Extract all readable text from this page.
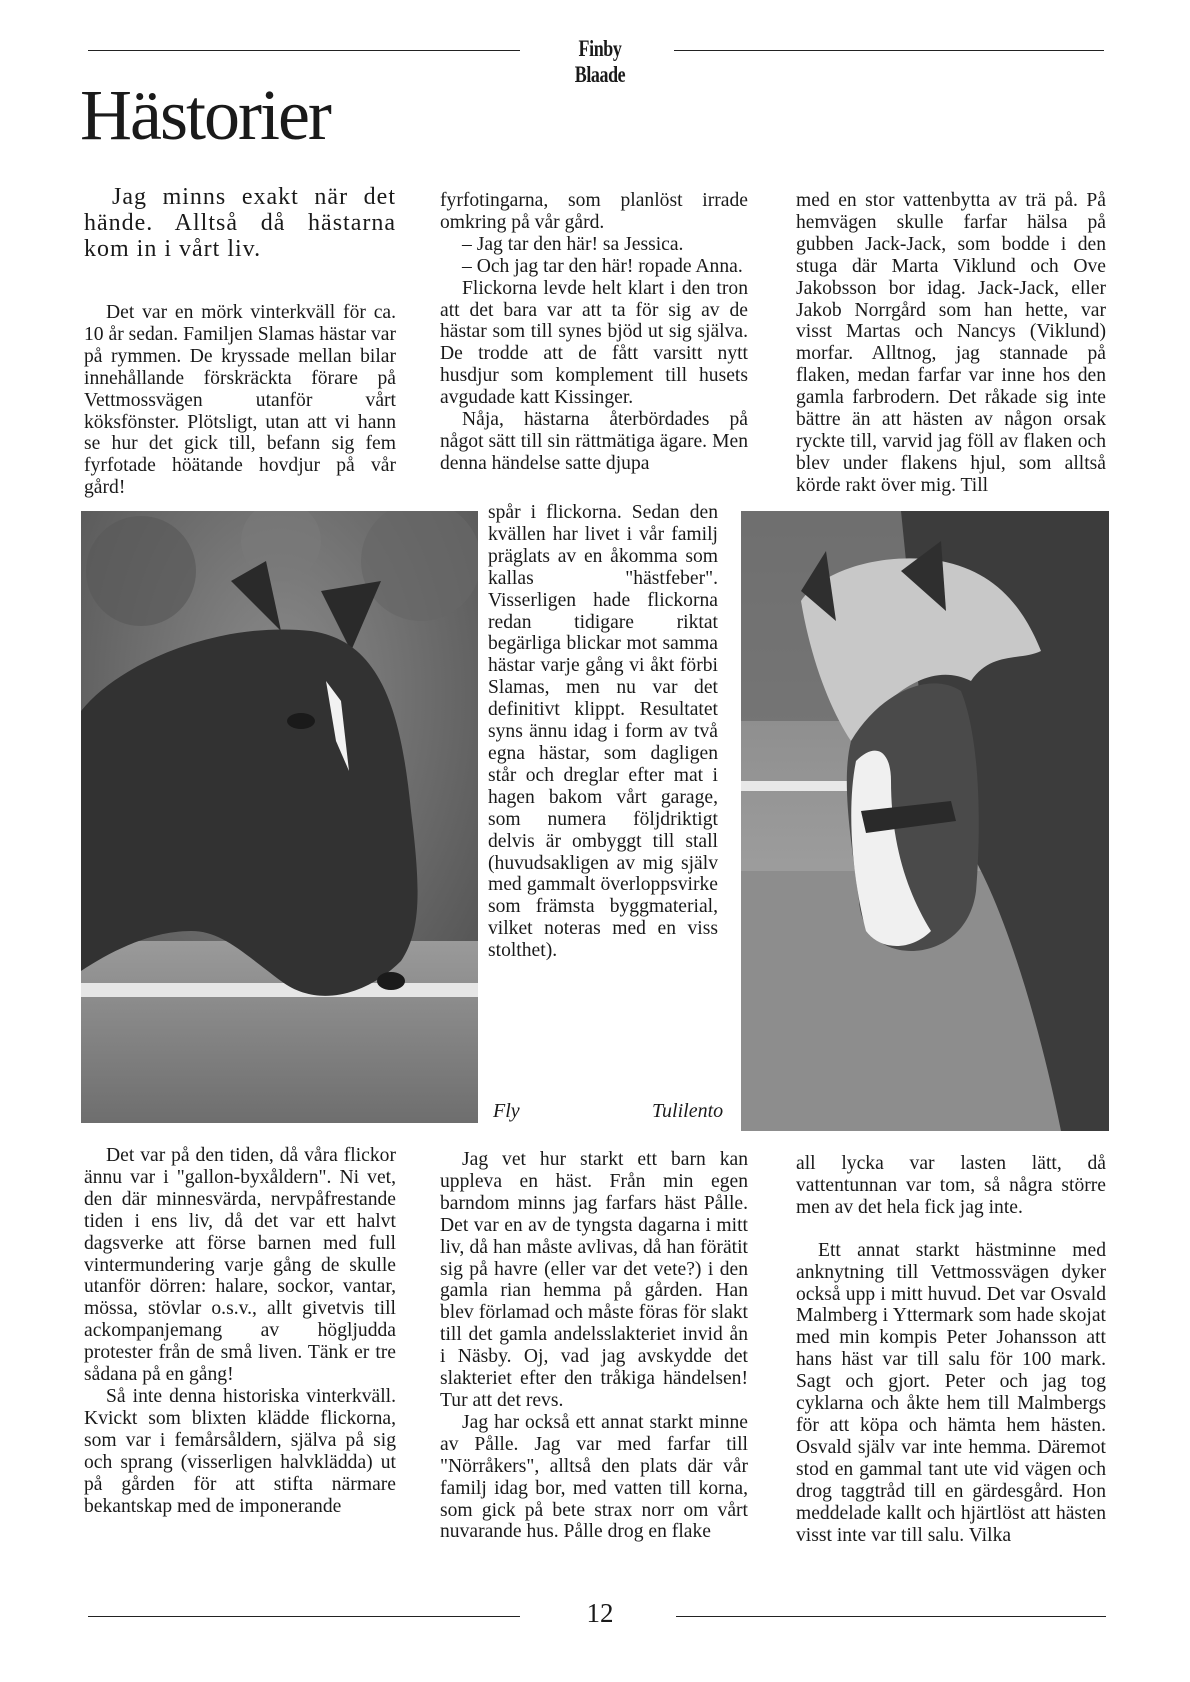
Finby Blaade
Hästorier
Jag minns exakt när det hände. Alltså då hästarna kom in i vårt liv.

Det var en mörk vinterkväll för ca. 10 år sedan. Familjen Slamas hästar var på rymmen. De kryssade mellan bilar innehållande förskräckta förare på Vettmossvägen utanför vårt köksfönster. Plötsligt, utan att vi hann se hur det gick till, befann sig fem fyrfotade höätande hovdjur på vår gård!

fyrfotingarna, som planlöst irrade omkring på vår gård.

– Jag tar den här! sa Jessica.

– Och jag tar den här! ropade Anna.

Flickorna levde helt klart i den tron att det bara var att ta för sig av de hästar som till synes bjöd ut sig själva. De trodde att de fått varsitt nytt husdjur som komplement till husets avgudade katt Kissinger.

Nåja, hästarna återbördades på något sätt till sin rättmätiga ägare. Men denna händelse satte djupa

spår i flickorna. Sedan den kvällen har livet i vår familj präglats av en åkomma som kallas "hästfeber". Visserligen hade flickorna redan tidigare riktat begärliga blickar mot samma hästar varje gång vi åkt förbi Slamas, men nu var det definitivt klippt. Resultatet syns ännu idag i form av två egna hästar, som dagligen står och dreglar efter mat i hagen bakom vårt garage, som numera följdriktigt delvis är ombyggt till stall (huvudsakligen av mig själv med gammalt överloppsvirke som främsta byggmaterial, vilket noteras med en viss stolthet).

med en stor vattenbytta av trä på. På hemvägen skulle farfar hälsa på gubben Jack-Jack, som bodde i den stuga där Marta Viklund och Ove Jakobsson bor idag. Jack-Jack, eller Jakob Norrgård som han hette, var visst Martas och Nancys (Viklund) morfar. Alltnog, jag stannade på flaken, medan farfar var inne hos den gamla farbrodern. Det råkade sig inte bättre än att hästen av någon orsak ryckte till, varvid jag föll av flaken och blev under flakens hjul, som alltså körde rakt över mig. Till

Fly	Tulilento

Det var på den tiden, då våra flickor ännu var i "gallon-byxåldern". Ni vet, den där minnesvärda, nervpåfrestande tiden i ens liv, då det var ett halvt dagsverke att förse barnen med full vintermundering varje gång de skulle utanför dörren: halare, sockor, vantar, mössa, stövlar o.s.v., allt givetvis till ackompanjemang av högljudda protester från de små liven. Tänk er tre sådana på en gång!

Så inte denna historiska vinterkväll. Kvickt som blixten klädde flickorna, som var i femårsåldern, själva på sig och sprang (visserligen halvklädda) ut på gården för att stifta närmare bekantskap med de imponerande

Jag vet hur starkt ett barn kan uppleva en häst. Från min egen barndom minns jag farfars häst Pålle. Det var en av de tyngsta dagarna i mitt liv, då han måste avlivas, då han förätit sig på havre (eller var det vete?) i den gamla rian hemma på gården. Han blev förlamad och måste föras för slakt till det gamla andelsslakteriet invid ån i Näsby. Oj, vad jag avskydde det slakteriet efter den tråkiga händelsen! Tur att det revs.

Jag har också ett annat starkt minne av Pålle. Jag var med farfar till "Nörråkers", alltså den plats där vår familj idag bor, med vatten till korna, som gick på bete strax norr om vårt nuvarande hus. Pålle drog en flake

all lycka var lasten lätt, då vattentunnan var tom, så några större men av det hela fick jag inte.

Ett annat starkt hästminne med anknytning till Vettmossvägen dyker också upp i mitt huvud. Det var Osvald Malmberg i Yttermark som hade skojat med min kompis Peter Johansson att hans häst var till salu för 100 mark. Sagt och gjort. Peter och jag tog cyklarna och åkte hem till Malmbergs för att köpa och hämta hem hästen. Osvald själv var inte hemma. Däremot stod en gammal tant ute vid vägen och drog taggtråd till en gärdesgård. Hon meddelade kallt och hjärtlöst att hästen visst inte var till salu. Vilka

12
